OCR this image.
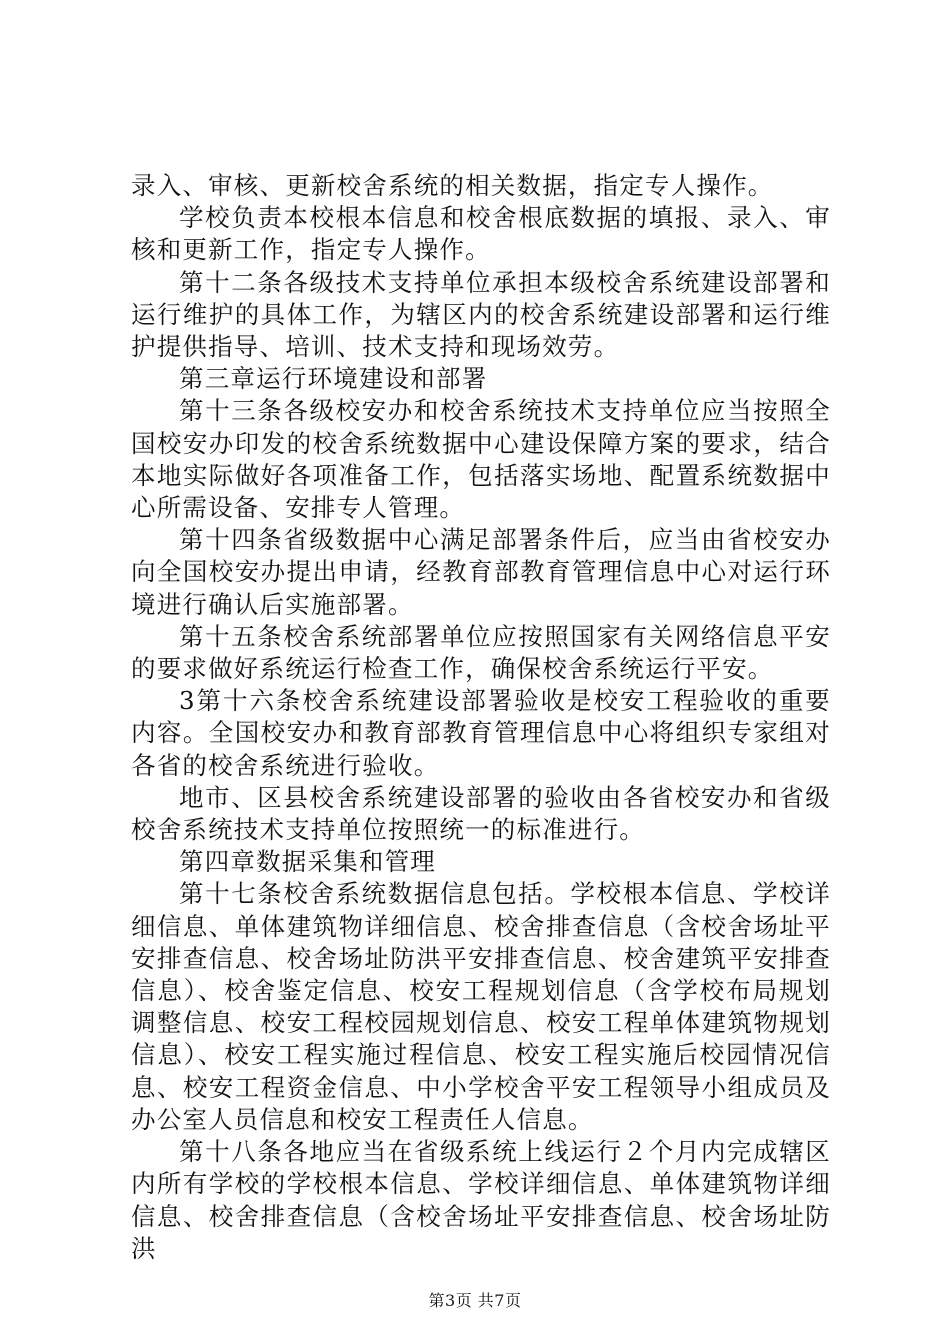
录入、审核、更新校舍系统的相关数据，指定专人操作。

学校负责本校根本信息和校舍根底数据的填报、录入、审核和更新工作，指定专人操作。

第十二条各级技术支持单位承担本级校舍系统建设部署和运行维护的具体工作，为辖区内的校舍系统建设部署和运行维护提供指导、培训、技术支持和现场效劳。

第三章运行环境建设和部署

第十三条各级校安办和校舍系统技术支持单位应当按照全国校安办印发的校舍系统数据中心建设保障方案的要求，结合本地实际做好各项准备工作，包括落实场地、配置系统数据中心所需设备、安排专人管理。

第十四条省级数据中心满足部署条件后，应当由省校安办向全国校安办提出申请，经教育部教育管理信息中心对运行环境进行确认后实施部署。

第十五条校舍系统部署单位应按照国家有关网络信息平安的要求做好系统运行检查工作，确保校舍系统运行平安。

3第十六条校舍系统建设部署验收是校安工程验收的重要内容。全国校安办和教育部教育管理信息中心将组织专家组对各省的校舍系统进行验收。

地市、区县校舍系统建设部署的验收由各省校安办和省级校舍系统技术支持单位按照统一的标准进行。

第四章数据采集和管理

第十七条校舍系统数据信息包括。学校根本信息、学校详细信息、单体建筑物详细信息、校舍排查信息（含校舍场址平安排查信息、校舍场址防洪平安排查信息、校舍建筑平安排查信息）、校舍鉴定信息、校安工程规划信息（含学校布局规划调整信息、校安工程校园规划信息、校安工程单体建筑物规划信息）、校安工程实施过程信息、校安工程实施后校园情况信息、校安工程资金信息、中小学校舍平安工程领导小组成员及办公室人员信息和校安工程责任人信息。

第十八条各地应当在省级系统上线运行２个月内完成辖区内所有学校的学校根本信息、学校详细信息、单体建筑物详细信息、校舍排查信息（含校舍场址平安排查信息、校舍场址防洪

第3页 共7页
